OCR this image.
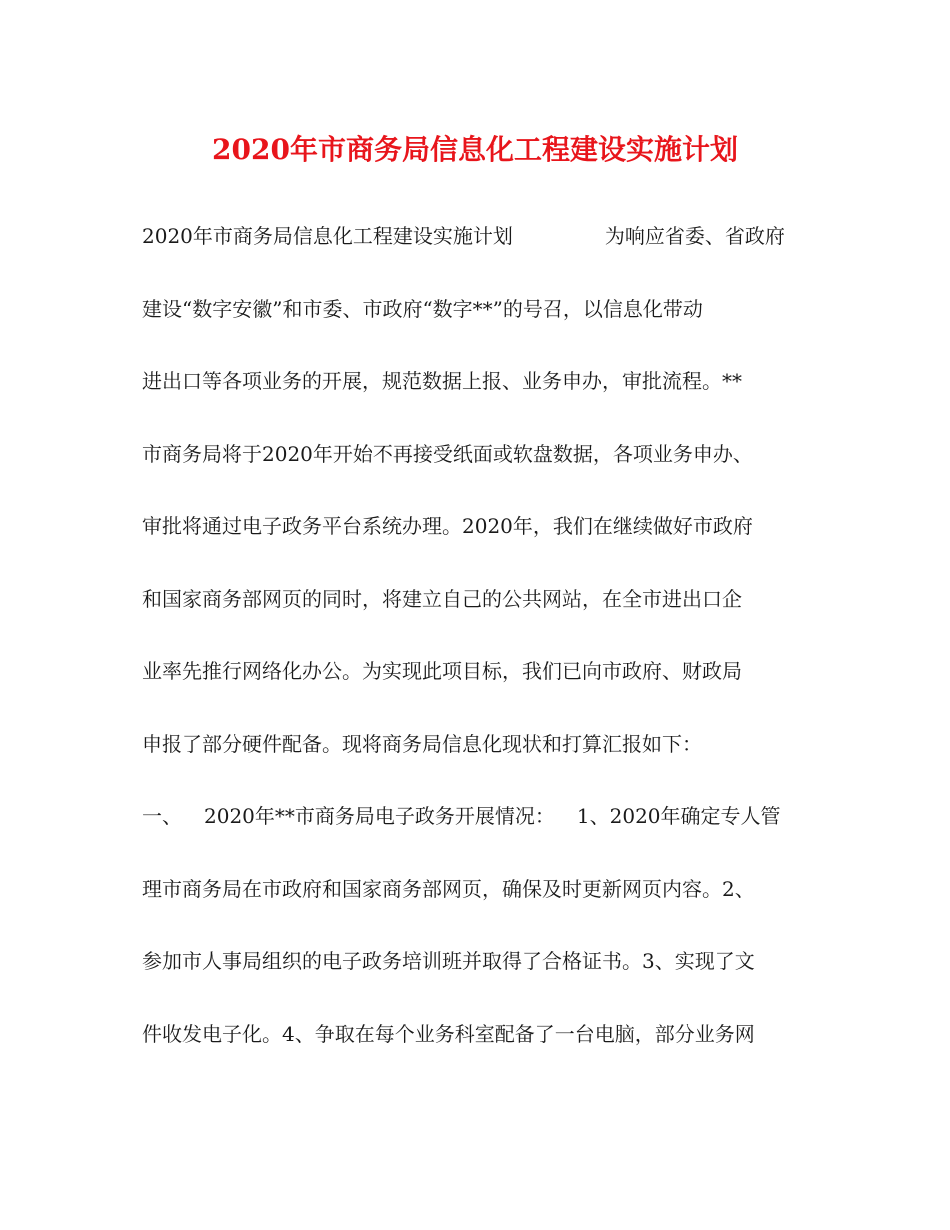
2020年市商务局信息化工程建设实施计划
2020年市商务局信息化工程建设实施计划	为响应省委、省政府
建设“数字安徽”和市委、市政府“数字**”的号召，以信息化带动
进出口等各项业务的开展，规范数据上报、业务申办，审批流程。**
市商务局将于2020年开始不再接受纸面或软盘数据，各项业务申办、
审批将通过电子政务平台系统办理。2020年，我们在继续做好市政府
和国家商务部网页的同时，将建立自己的公共网站，在全市进出口企
业率先推行网络化办公。为实现此项目标，我们已向市政府、财政局
申报了部分硬件配备。现将商务局信息化现状和打算汇报如下：
一、 2020年**市商务局电子政务开展情况： 1、2020年确定专人管
理市商务局在市政府和国家商务部网页，确保及时更新网页内容。2、
参加市人事局组织的电子政务培训班并取得了合格证书。3、实现了文
件收发电子化。4、争取在每个业务科室配备了一台电脑，部分业务网
